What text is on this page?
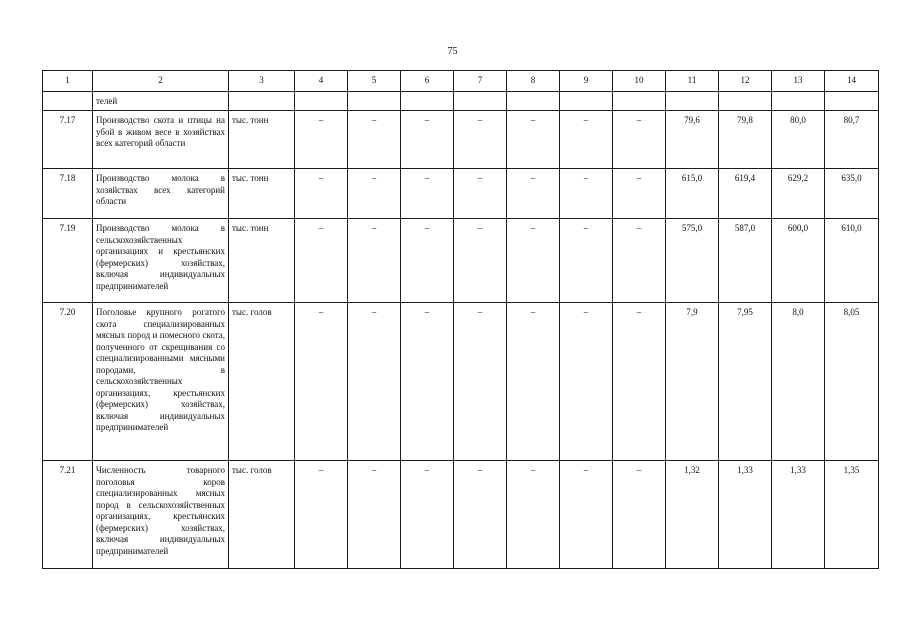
75
1	2	3	4	5	6	7	8	9	10	11	12	13	14
	телей												
7.17	Производство скота и птицы на убой в живом весе в хозяйствах всех категорий области	тыс. тонн	–	–	–	–	–	–	–	79,6	79,8	80,0	80,7
7.18	Производство молока в хозяйствах всех категорий области	тыс. тонн	–	–	–	–	–	–	–	615,0	619,4	629,2	635,0
7.19	Производство молока в сельскохозяйственных организациях и крестьянских (фермерских) хозяйствах, включая индивидуальных предпринимателей	тыс. тонн	–	–	–	–	–	–	–	575,0	587,0	600,0	610,0
7.20	Поголовье крупного рогатого скота специализированных мясных пород и помесного скота, полученного от скрещивания со специализированными мясными породами, в сельскохозяйственных организациях, крестьянских (фермерских) хозяйствах, включая индивидуальных предпринимателей	тыс. голов	–	–	–	–	–	–	–	7,9	7,95	8,0	8,05
7.21	Численность товарного поголовья коров специализированных мясных пород в сельскохозяйственных организациях, крестьянских (фермерских) хозяйствах, включая индивидуальных предпринимателей	тыс. голов	–	–	–	–	–	–	–	1,32	1,33	1,33	1,35
